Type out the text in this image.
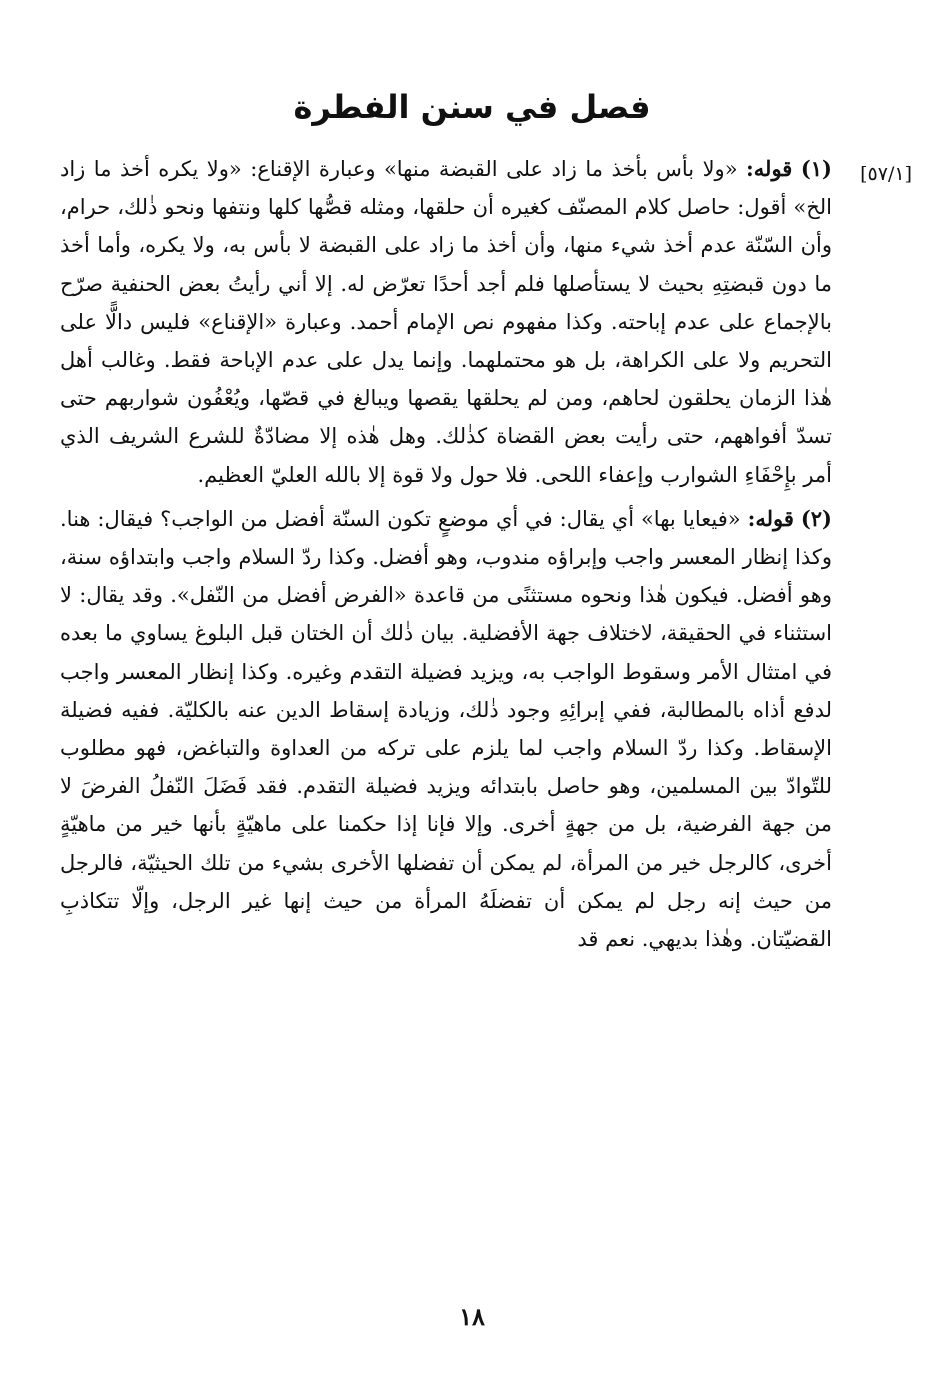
فصل في سنن الفطرة
[٥٧/١]

(١) قوله: «ولا بأس بأخذ ما زاد على القبضة منها» وعبارة الإقناع: «ولا يكره أخذ ما زاد الخ» أقول: حاصل كلام المصنّف كغيره أن حلقها، ومثله قصُّها كلها ونتفها ونحو ذٰلك، حرام، وأن السّنّة عدم أخذ شيء منها، وأن أخذ ما زاد على القبضة لا بأس به، ولا يكره، وأما أخذ ما دون قبضتِهِ بحيث لا يستأصلها فلم أجد أحدًا تعرّض له. إلا أني رأيتُ بعض الحنفية صرّح بالإجماع على عدم إباحته. وكذا مفهوم نص الإمام أحمد. وعبارة «الإقناع» فليس دالًّا على التحريم ولا على الكراهة، بل هو محتملهما. وإنما يدل على عدم الإباحة فقط. وغالب أهل هٰذا الزمان يحلقون لحاهم، ومن لم يحلقها يقصها ويبالغ في قصّها، ويُعْفُون شواربهم حتى تسدّ أفواههم، حتى رأيت بعض القضاة كذٰلك. وهل هٰذه إلا مضادّةٌ للشرع الشريف الذي أمر بإِحْفَاءِ الشوارب وإعفاء اللحى. فلا حول ولا قوة إلا بالله العليّ العظيم.

(٢) قوله: «فيعايا بها» أي يقال: في أي موضعٍ تكون السنّة أفضل من الواجب؟ فيقال: هنا. وكذا إنظار المعسر واجب وإبراؤه مندوب، وهو أفضل. وكذا ردّ السلام واجب وابتداؤه سنة، وهو أفضل. فيكون هٰذا ونحوه مستثنًى من قاعدة «الفرض أفضل من النّفل». وقد يقال: لا استثناء في الحقيقة، لاختلاف جهة الأفضلية. بيان ذٰلك أن الختان قبل البلوغ يساوي ما بعده في امتثال الأمر وسقوط الواجب به، ويزيد فضيلة التقدم وغيره. وكذا إنظار المعسر واجب لدفع أذاه بالمطالبة، ففي إبرائِهِ وجود ذٰلك، وزيادة إسقاط الدين عنه بالكليّة. ففيه فضيلة الإسقاط. وكذا ردّ السلام واجب لما يلزم على تركه من العداوة والتباغض، فهو مطلوب للتّوادّ بين المسلمين، وهو حاصل بابتدائه ويزيد فضيلة التقدم. فقد فَضَلَ النّفلُ الفرضَ لا من جهة الفرضية، بل من جهةٍ أخرى. وإلا فإنا إذا حكمنا على ماهيّةٍ بأنها خير من ماهيّةٍ أخرى، كالرجل خير من المرأة، لم يمكن أن تفضلها الأخرى بشيء من تلك الحيثيّة، فالرجل من حيث إنه رجل لم يمكن أن تفضلَهُ المرأة من حيث إنها غير الرجل، وإلّا تتكاذبِ القضيّتان. وهٰذا بديهي. نعم قد

١٨
